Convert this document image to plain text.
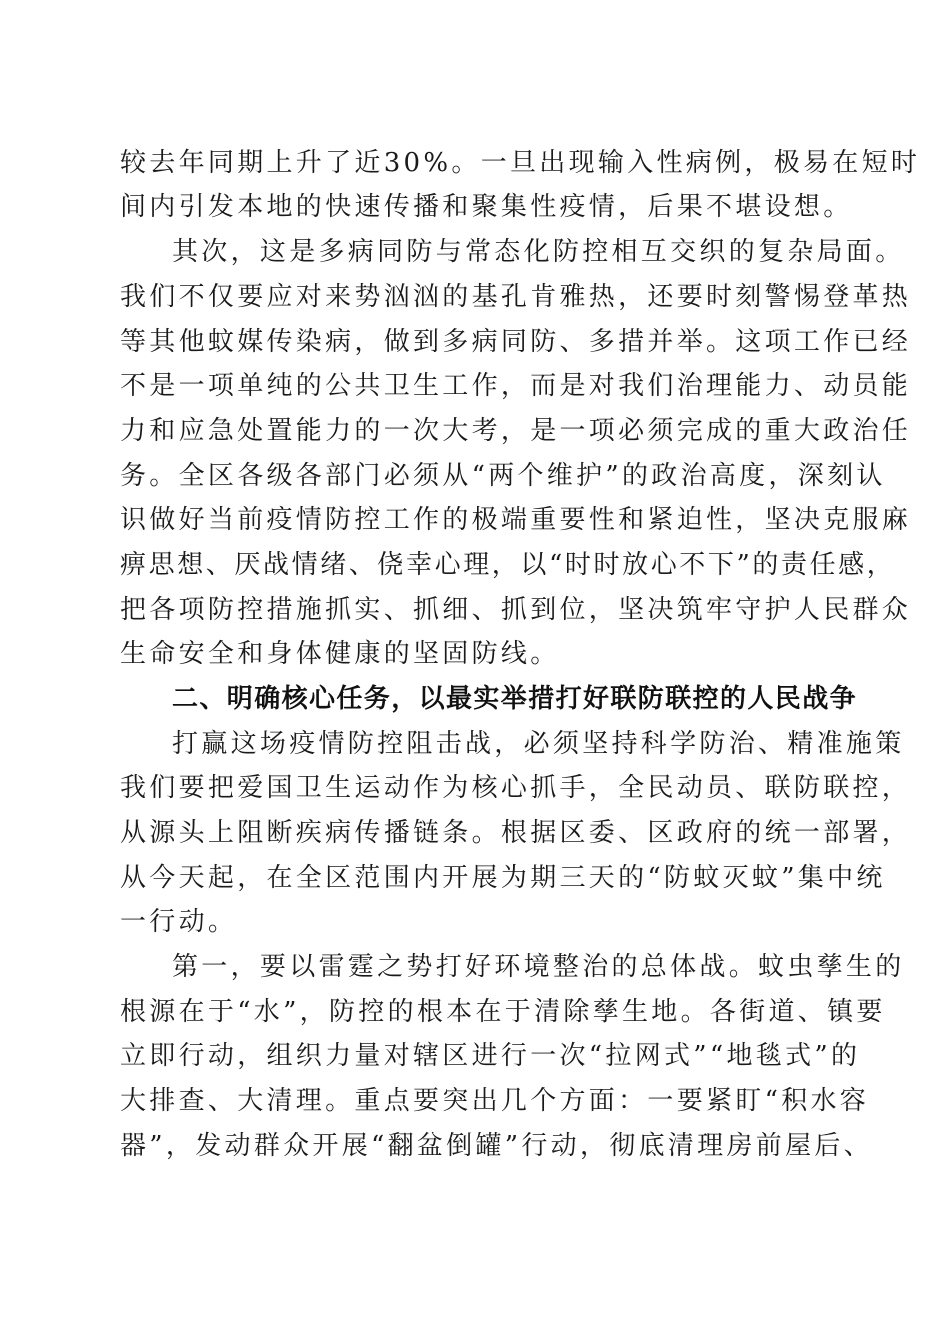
较去年同期上升了近30%。一旦出现输入性病例，极易在短时
间内引发本地的快速传播和聚集性疫情，后果不堪设想。
其次，这是多病同防与常态化防控相互交织的复杂局面。
我们不仅要应对来势汹汹的基孔肯雅热，还要时刻警惕登革热
等其他蚊媒传染病，做到多病同防、多措并举。这项工作已经
不是一项单纯的公共卫生工作，而是对我们治理能力、动员能
力和应急处置能力的一次大考，是一项必须完成的重大政治任
务。全区各级各部门必须从“两个维护”的政治高度，深刻认
识做好当前疫情防控工作的极端重要性和紧迫性，坚决克服麻
痹思想、厌战情绪、侥幸心理，以“时时放心不下”的责任感，
把各项防控措施抓实、抓细、抓到位，坚决筑牢守护人民群众
生命安全和身体健康的坚固防线。
二、明确核心任务，以最实举措打好联防联控的人民战争
打赢这场疫情防控阻击战，必须坚持科学防治、精准施策
我们要把爱国卫生运动作为核心抓手，全民动员、联防联控，
从源头上阻断疾病传播链条。根据区委、区政府的统一部署，
从今天起，在全区范围内开展为期三天的“防蚊灭蚊”集中统
一行动。
第一，要以雷霆之势打好环境整治的总体战。蚊虫孳生的
根源在于“水”，防控的根本在于清除孳生地。各街道、镇要
立即行动，组织力量对辖区进行一次“拉网式”“地毯式”的
大排查、大清理。重点要突出几个方面：一要紧盯“积水容
器”，发动群众开展“翻盆倒罐”行动，彻底清理房前屋后、
